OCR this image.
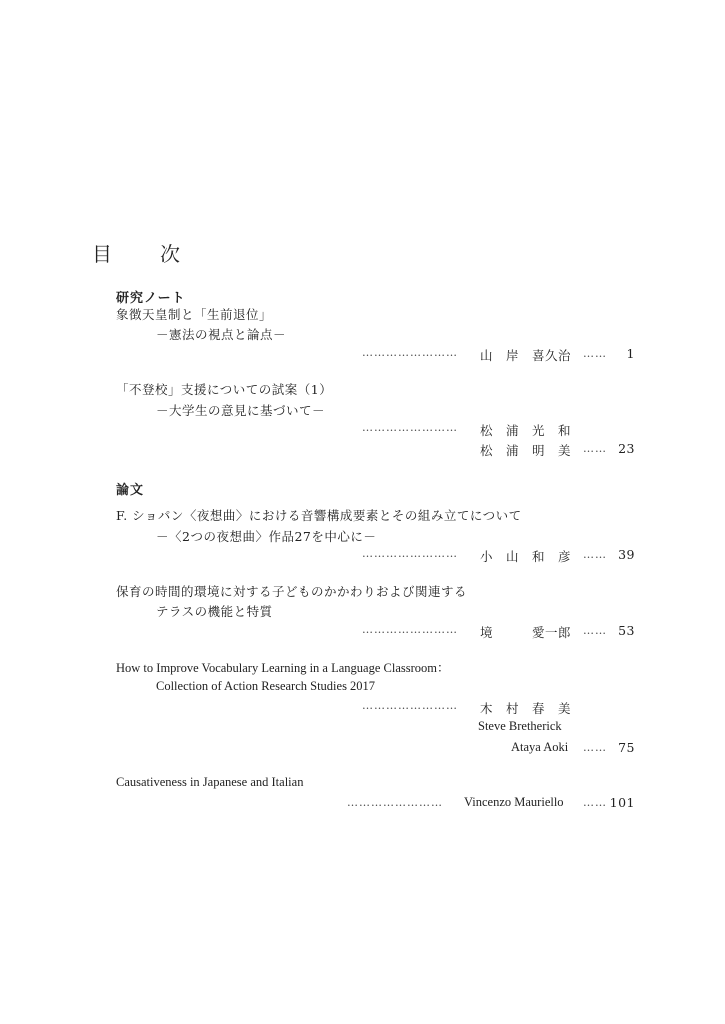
目　次
研究ノート
象徴天皇制と「生前退位」
－憲法の視点と論点－
…………………… 山　岸　喜久治 ……	1
「不登校」支援についての試案（1）
－大学生の意見に基づいて－
…………………… 松　浦　光　和
松　浦　明　美 …… 23
論文
F. ショパン〈夜想曲〉における音響構成要素とその組み立てについて
－〈2つの夜想曲〉作品27を中心に－
…………………… 小　山　和　彦 …… 39
保育の時間的環境に対する子どものかかわりおよび関連する
テラスの機能と特質
…………………… 境　　　愛一郎 …… 53
How to Improve Vocabulary Learning in a Language Classroom：
Collection of Action Research Studies 2017
…………………… 木　村　春　美
Steve Bretherick
Ataya Aoki …… 75
Causativeness in Japanese and Italian
…………………… Vincenzo Mauriello …… 101
